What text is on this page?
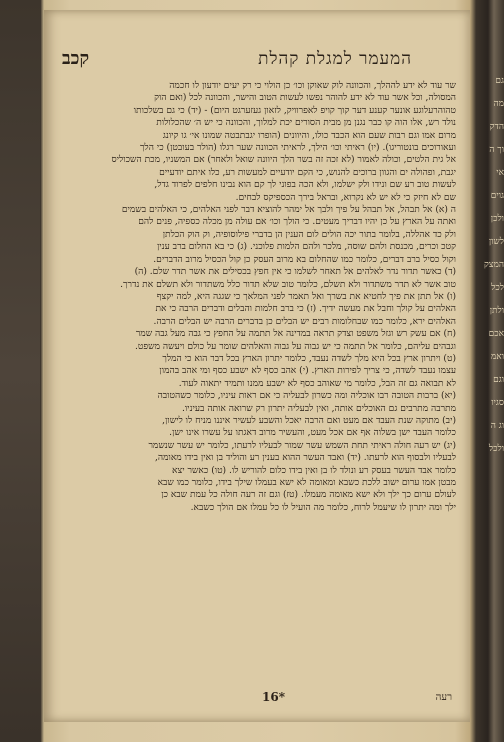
המעמר למגלת קהלת
קכב
שר עוד לא ידע לההלך, והכוונה לוק שאוקן וכו׳ כן הולוי כי רק יעים יודעון לו חכמה
המסולה, וכל אשר עוד לא ידע להוהר נפשו לעשות הטוב והישר, והכוונה לכל (ואם הוק
טהוהרעלוגע אונער קענע דער קוך קויפ לאפרוויק, לזאון געזערגט היום) - (יד) כי גם בשלכותו
נולד רש, אלו הוה קו כבר נגנן מן מבית הסורים יכת למלוך, והכוונה כי יש ה׳ שהכלולות
מרום אמו וגם רבות שעם הוא הכבד כולו, והיוונים (הופרו יגבתבטה שמונו אי׳ גו קיונג
ועאורוכים בונטוריגו). (יו) ראיתי וכו׳ הילך, לראיתי הכוונה שער רגלו (הולר בעובטן) כי הלך
אל גית הלטים, וכולה לאמור (לא זכה זה בשר הלך היוונה שואל ולאחר) אם המשניו, מכת השכוליס
יגבת, ופהולה ים והגוון ברוכים להנוש, כי הקם יודעיים למעשות רע, כלו איתם יודעיים
לעשות טוב רע שם ונידו ולק ישלמו, ולא הכה בפוני לך קם הוא נבינו חלפים לפרוד גדל,
שם לא חיזק כי לא יש לא נקרוא, ובראל בירך הכספיקס לבחים.
ה (א) אל תבהל, אל תבהל על פיך ולבך אל ימהר להוציא דבר לפני האלהים, כי האלהים בשמים
ואתה על הארץ על כן יהיו דבריך מעטים. כי הולך וכו׳ אם עולה מן מכלה כספיה, פנים להם
ולק כד אהללה, בלומר בתור יכה הולים לום הענין הן בדברי פילוסופיה, וק הוק הכלתן
קטכ וכרים, מכנסת ולהם שוסה, מלכר ולהם הלמות פלוכני. (ג) כי בא החלום ברב ענין
וקול כסיל ברב דברים, כלומר כמו שהחלום בא מרוב העסק כן קול הכסיל מרוב הדברים.
(ד) כאשר תדור נדר לאלהים אל תאחר לשלמו כי אין חפץ בכסילים את אשר תדר שלם. (ה)
טוב אשר לא תדר משתדור ולא תשלם, כלומר טוב שלא תדור כלל משתדור ולא תשלם את נדרך.
(ו) אל תתן את פיך לחטיא את בשרך ואל תאמר לפני המלאך כי שגגה היא, למה יקצף
האלהים על קולך וחבל את מעשה ידיך. (ז) כי ברב חלמות והבלים ודברים הרבה כי את
האלהים ירא, כלומר כמו שבחלומות רבים יש הבלים כן בדברים הרבה יש הבלים הרבה.
(ח) אם עשק רש וגזל משפט וצדק תראה במדינה אל תתמה על החפץ כי גבה מעל גבה שמר
וגבהים עליהם, כלומר אל תתמה כי יש גבוה על גבוה והאלהים שומר על כולם ויעשה משפט.
(ט) ויתרון ארץ בכל היא מלך לשדה נעבד, כלומר יתרון הארץ בכל דבר הוא כי המלך
עצמו נעבד לשדה, כי צריך לפירות הארץ. (י) אהב כסף לא ישבע כסף ומי אהב בהמון
לא תבואה גם זה הבל, כלומר מי שאוהב כסף לא ישבע ממנו ותמיד יתאוה לעוד.
(יא) ברבות הטובה רבו אוכליה ומה כשרון לבעליה כי אם ראות עיניו, כלומר כשהטובה
מתרבה מתרבים גם האוכלים אותה, ואין לבעליה יתרון רק שרואה אותה בעיניו.
(יב) מתוקה שנת העבד אם מעט ואם הרבה יאכל והשבע לעשיר איננו מניח לו לישון,
כלומר העבד ישן בשלוה אף אם אכל מעט, והעשיר מרוב דאגתו על עשרו אינו ישן.
(יג) יש רעה חולה ראיתי תחת השמש עשר שמור לבעליו לרעתו, כלומר יש עשר שנשמר
לבעליו ולבסוף הוא לרעתו. (יד) ואבד העשר ההוא בענין רע והוליד בן ואין בידו מאומה,
כלומר אבד העשר בעסק רע ונולד לו בן ואין בידו כלום להוריש לו. (טו) כאשר יצא
מבטן אמו ערום ישוב ללכת כשבא ומאומה לא ישא בעמלו שילך בידו, כלומר כמו שבא
לעולם ערום כך ילך ולא ישא מאומה מעמלו. (טז) וגם זה רעה חולה כל עמת שבא כן
ילך ומה יתרון לו שיעמל לרוח, כלומר מה הועיל לו כל עמלו אם הולך כשבא.
רעה
16*
גם
מה
הדק
וך ה
אי
גוים
ולכן
לשון
המצק
לכל
ולתן
אכם
ואמ
וגם
סגיו
וג ה
ולכל
